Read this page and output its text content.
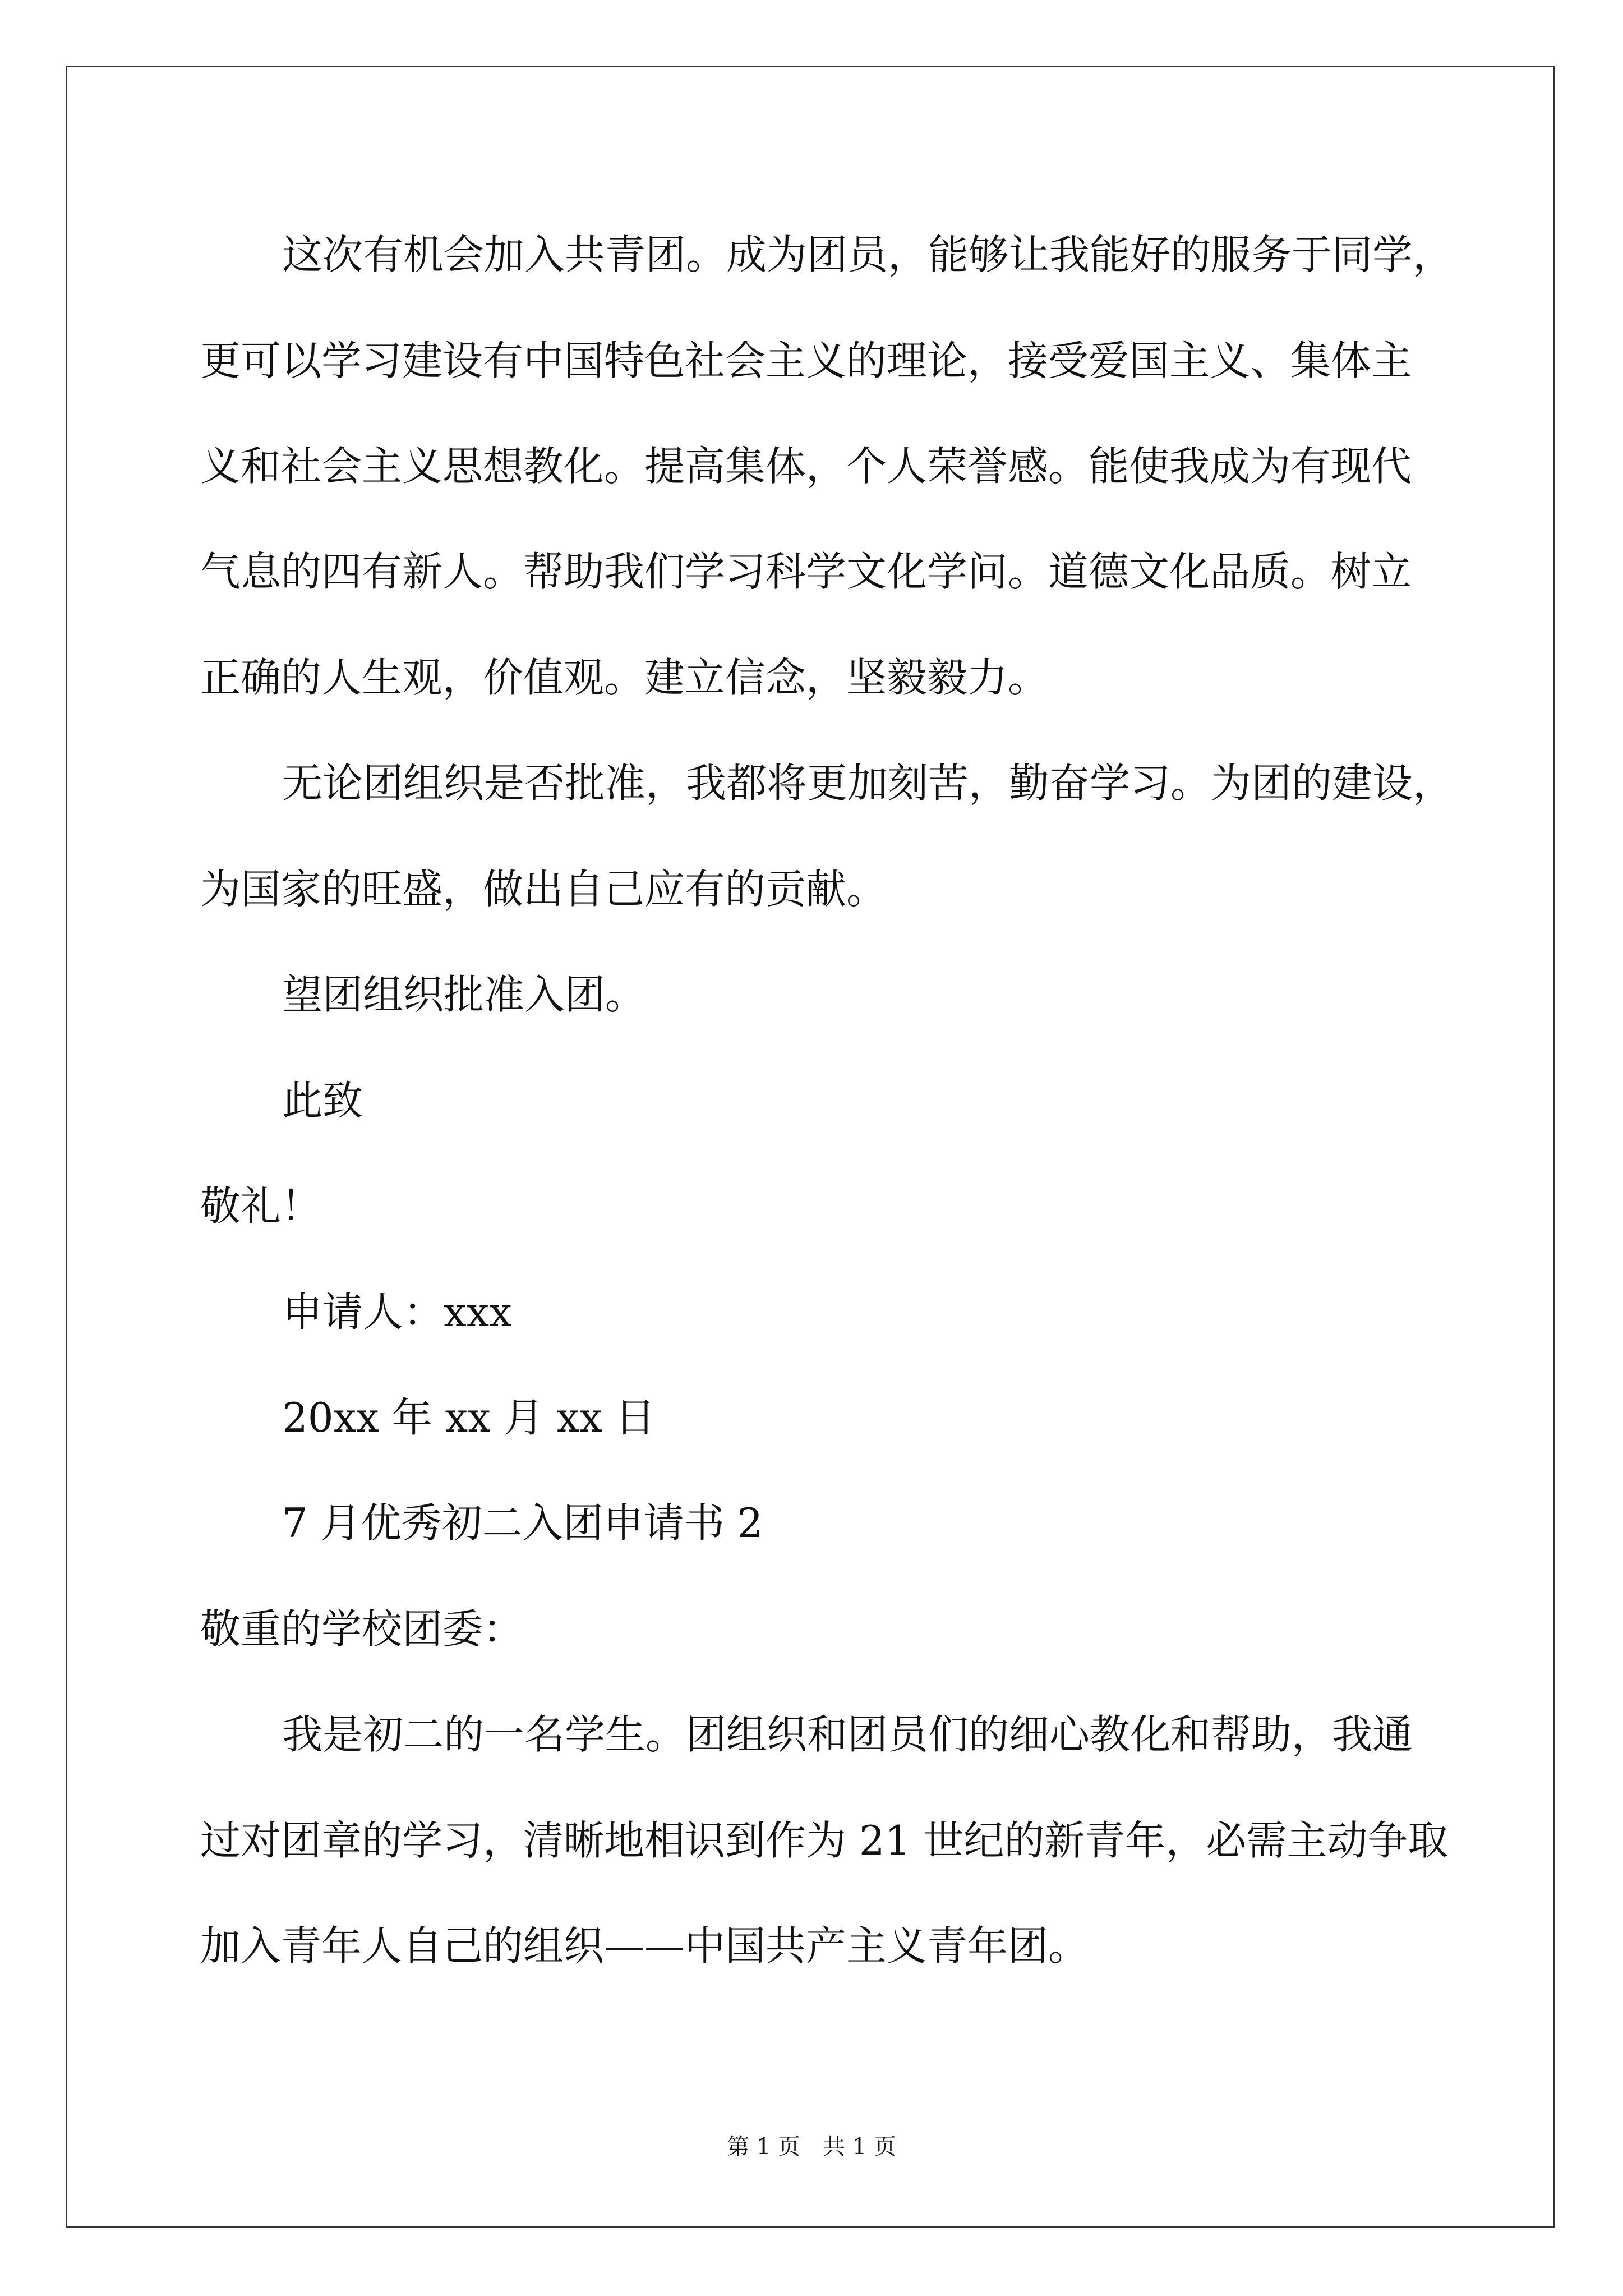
这次有机会加入共青团。成为团员，能够让我能好的服务于同学，
更可以学习建设有中国特色社会主义的理论，接受爱国主义、集体主
义和社会主义思想教化。提高集体，个人荣誉感。能使我成为有现代
气息的四有新人。帮助我们学习科学文化学问。道德文化品质。树立
正确的人生观，价值观。建立信念，坚毅毅力。
无论团组织是否批准，我都将更加刻苦，勤奋学习。为团的建设，
为国家的旺盛，做出自己应有的贡献。
望团组织批准入团。
此致
敬礼！
申请人：xxx
20xx 年 xx 月 xx 日
7 月优秀初二入团申请书 2
敬重的学校团委：
我是初二的一名学生。团组织和团员们的细心教化和帮助，我通
过对团章的学习，清晰地相识到作为 21 世纪的新青年，必需主动争取
加入青年人自己的组织——中国共产主义青年团。
第 1 页　共 1 页
